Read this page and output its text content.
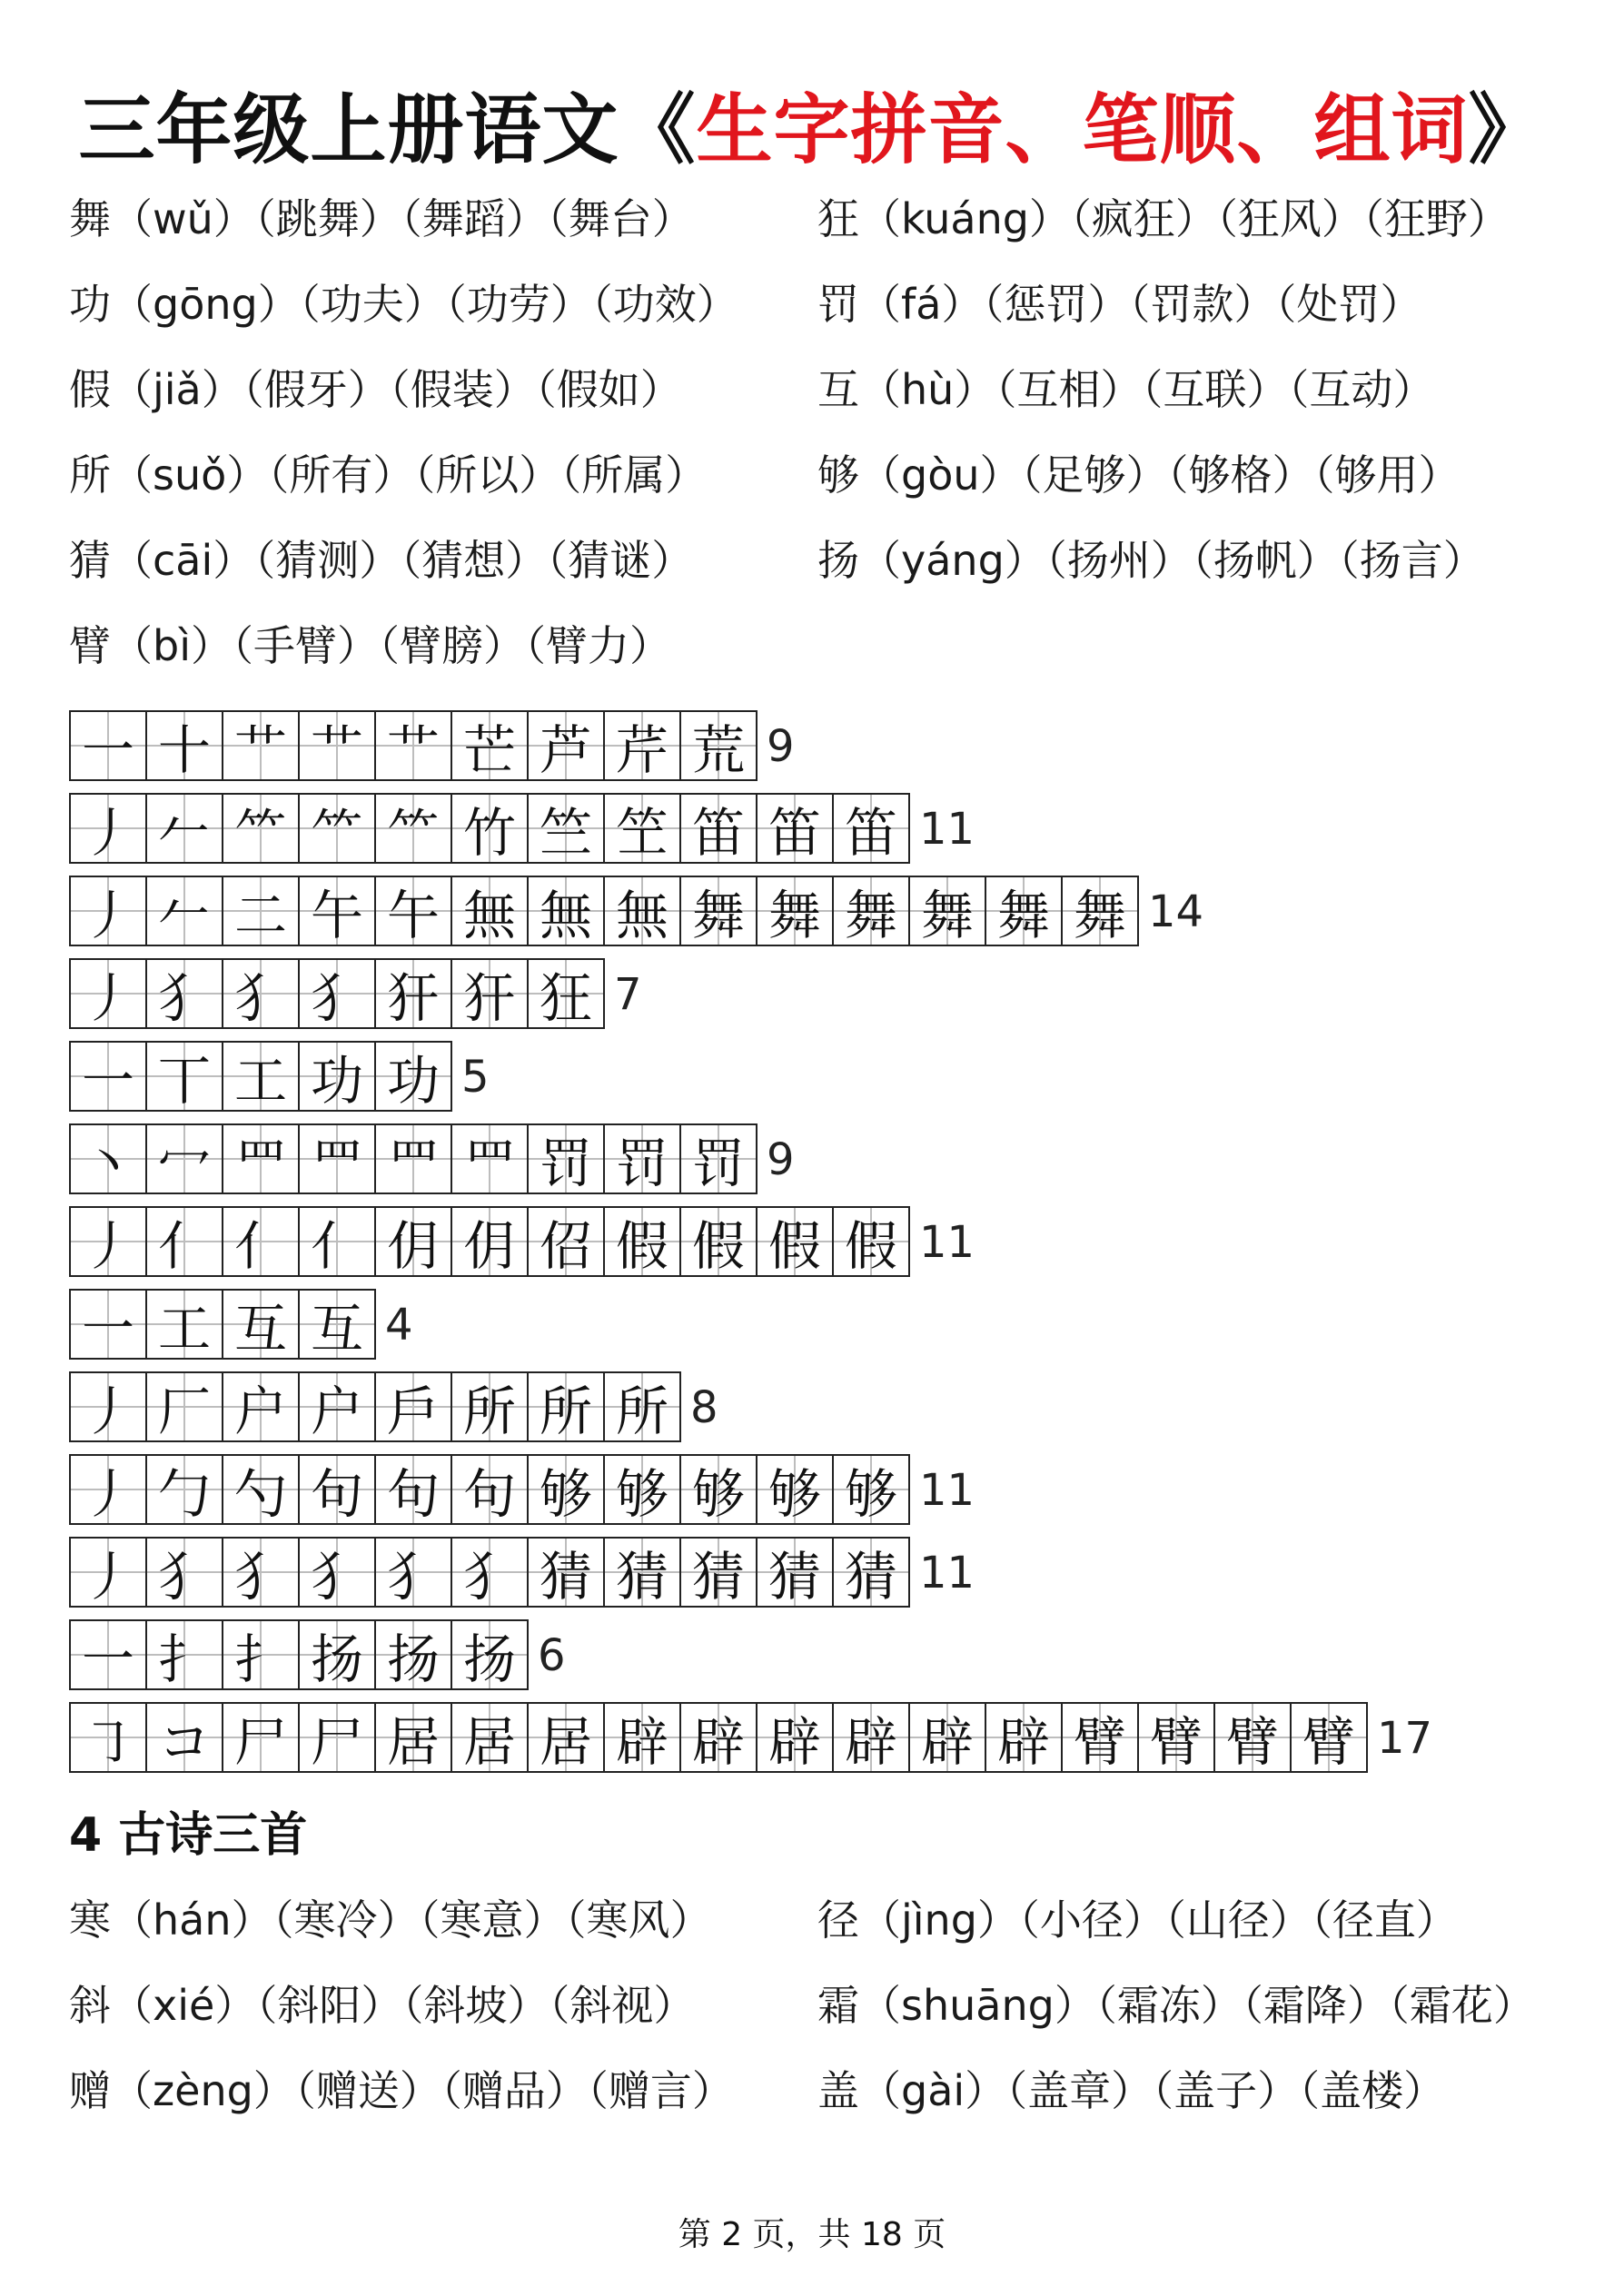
三年级上册语文《生字拼音、笔顺、组词》
舞（wǔ）（跳舞）（舞蹈）（舞台）	狂（kuáng）（疯狂）（狂风）（狂野）
功（gōng）（功夫）（功劳）（功效） 罚（fá）（惩罚）（罚款）（处罚）
假（jiǎ）（假牙）（假装）（假如）	互（hù）（互相）（互联）（互动）
所（suǒ）（所有）（所以）（所属）	够（gòu）（足够）（够格）（够用）
猜（cāi）（猜测）（猜想）（猜谜）	扬（yáng）（扬州）（扬帆）（扬言）
臂（bì）（手臂）（臂膀）（臂力）
一 十 艹 艹 艹 芒 芦 芹 荒 9
丿 𠂉 ⺮ ⺮ ⺮ 竹 竺 笁 笛 笛 笛 11
丿 𠂉 二 午 午 無 無 無 舞 舞 舞 舞 舞 舞 14
丿 犭 犭 犭 犴 犴 狂 7
一 丅 工 功 功 5
丶 冖 罒 罒 罒 罒 罚 罚 罚 9
丿 亻 亻 亻 仴 仴 佋 假 假 假 假 11
一 工 互 互 4
丿 厂 户 户 戶 所 所 所 8
丿 勹 勺 句 句 句 够 够 够 够 够 11
丿 犭 犭 犭 犭 犭 猜 猜 猜 猜 猜 11
一 扌 扌 扬 扬 扬 6
㇆ コ 尸 尸 居 居 居 辟 辟 辟 辟 辟 辟 臂 臂 臂 臂 17
4 古诗三首
寒（hán）（寒冷）（寒意）（寒风）	径（jìng）（小径）（山径）（径直）
斜（xié）（斜阳）（斜坡）（斜视）	霜（shuāng）（霜冻）（霜降）（霜花）
赠（zèng）（赠送）（赠品）（赠言） 盖（gài）（盖章）（盖子）（盖楼）
第 2 页，共 18 页
